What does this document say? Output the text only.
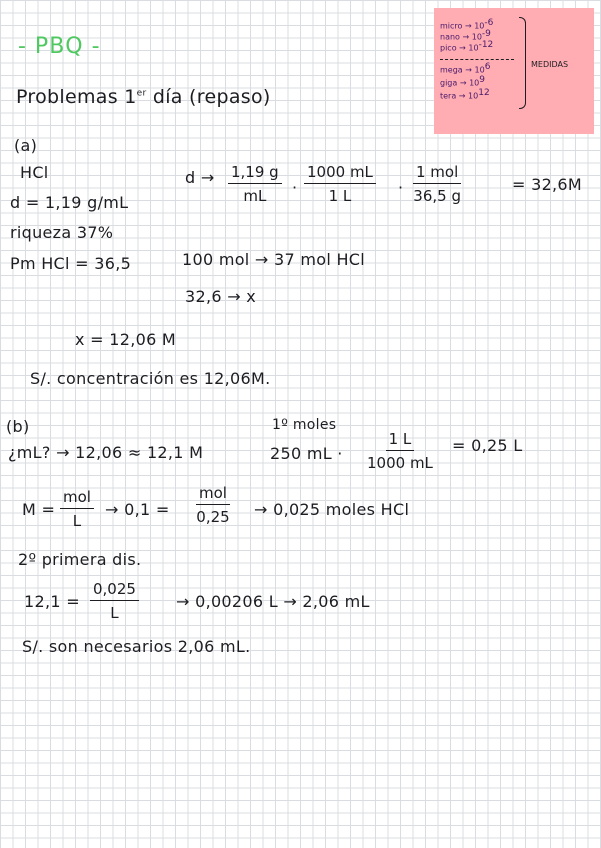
- PBQ -
Problemas 1er día (repaso)
micro → $10^{-6}$
nano → $10^{-9}$
pico → $10^{-12}$
mega → $10^6$
giga → $10^9$
tera → $10^{12}$
MEDIDAS
(a)
HCl
d = 1,19 g/mL
riqueza 37%
Pm HCl = 36,5
$d \to \frac{1,19 g}{mL} \cdot \frac{1000 mL}{1 L}$ ·
1 mol
36,5 g
= 32,6M
100 mol → 37 mol HCl
32,6 → x
x = 12,06 M
S/. concentración es 12,06M.
(b)
¿mL? → 12,06 ≈ 12,1 M
1º moles
250 mL · $\frac{1 L}{1000 mL} = 0,25$ L
M =
mol
L
→ 0,1 =
mol
0,25 → 0,025 moles HCl
2º primera dis.
$12,1 = \frac{0,025}{L} \to 0,00206$ L → 2,06 mL
S/. son necesarios 2,06 mL.
